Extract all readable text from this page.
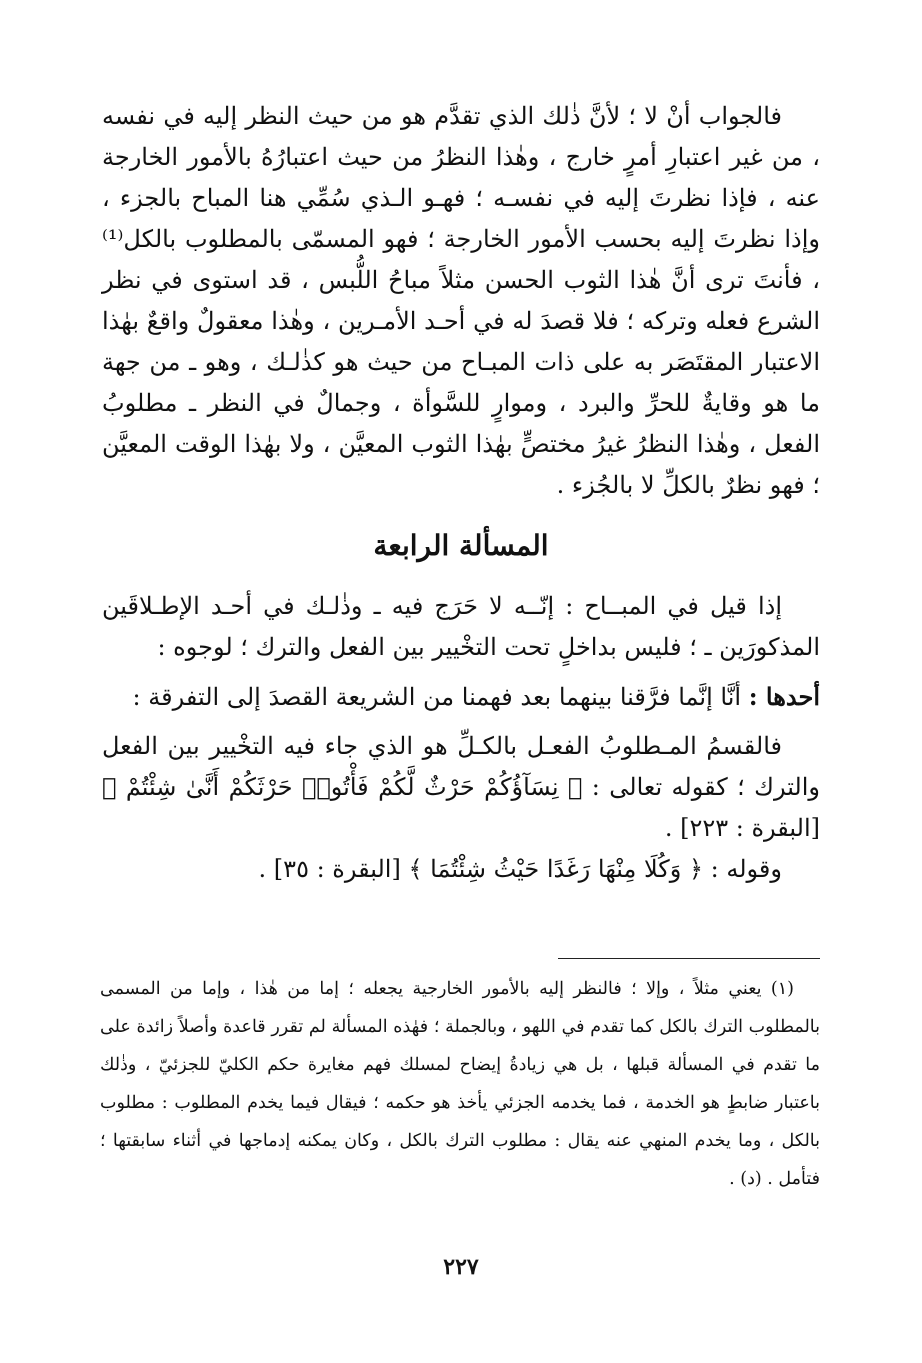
فالجواب أنْ لا ؛ لأنَّ ذٰلك الذي تقدَّم هو من حيث النظر إليه في نفسه ، من غير اعتبارِ أمرٍ خارج ، وهٰذا النظرُ من حيث اعتبارُهُ بالأمور الخارجة عنه ، فإذا نظرتَ إليه في نفسـه ؛ فهـو الـذي سُمِّي هنا المباح بالجزء ، وإذا نظرتَ إليه بحسب الأمور الخارجة ؛ فهو المسمّى بالمطلوب بالكل⁽¹⁾ ، فأنتَ ترى أنَّ هٰذا الثوب الحسن مثلاً مباحُ اللُّبس ، قد استوى في نظر الشرع فعله وتركه ؛ فلا قصدَ له في أحـد الأمـرين ، وهٰذا معقولٌ واقعٌ بهٰذا الاعتبار المقتَصَر به على ذات المبـاح من حيث هو كذٰلـك ، وهو ـ من جهة ما هو وقايةٌ للحرِّ والبرد ، وموارٍ للسَّوأة ، وجمالٌ في النظر ـ مطلوبُ الفعل ، وهٰذا النظرُ غيرُ مختصٍّ بهٰذا الثوب المعيَّن ، ولا بهٰذا الوقت المعيَّن ؛ فهو نظرٌ بالكلِّ لا بالجُزء .

المسألة الرابعة

إذا قيل في المبــاح : إنّــه لا حَرَج فيه ـ وذٰلـك في أحـد الإطـلاقَين المذكورَين ـ ؛ فليس بداخلٍ تحت التخْيير بين الفعل والترك ؛ لوجوه :

أحدها : أنَّا إنَّما فرَّقنا بينهما بعد فهمنا من الشريعة القصدَ إلى التفرقة :

فالقسمُ المـطلوبُ الفعـل بالكـلِّ هو الذي جاء فيه التخْيير بين الفعل والترك ؛ كقوله تعالى : ﴿ نِسَآؤُكُمْ حَرْثٌ لَّكُمْ فَأْتُوا۟ حَرْثَكُمْ أَنَّىٰ شِئْتُمْ ﴾ [البقرة : ٢٢٣] .

وقوله : ﴿ وَكُلَا مِنْهَا رَغَدًا حَيْثُ شِئْتُمَا ﴾ [البقرة : ٣٥] .

(١) يعني مثلاً ، وإلا ؛ فالنظر إليه بالأمور الخارجية يجعله ؛ إما من هٰذا ، وإما من المسمى بالمطلوب الترك بالكل كما تقدم في اللهو ، وبالجملة ؛ فهٰذه المسألة لم تقرر قاعدة وأصلاً زائدة على ما تقدم في المسألة قبلها ، بل هي زيادةُ إيضاح لمسلك فهم مغايرة حكم الكليّ للجزئيّ ، وذٰلك باعتبار ضابطٍ هو الخدمة ، فما يخدمه الجزئي يأخذ هو حكمه ؛ فيقال فيما يخدم المطلوب : مطلوب بالكل ، وما يخدم المنهي عنه يقال : مطلوب الترك بالكل ، وكان يمكنه إدماجها في أثناء سابقتها ؛ فتأمل . (د) .

٢٢٧
